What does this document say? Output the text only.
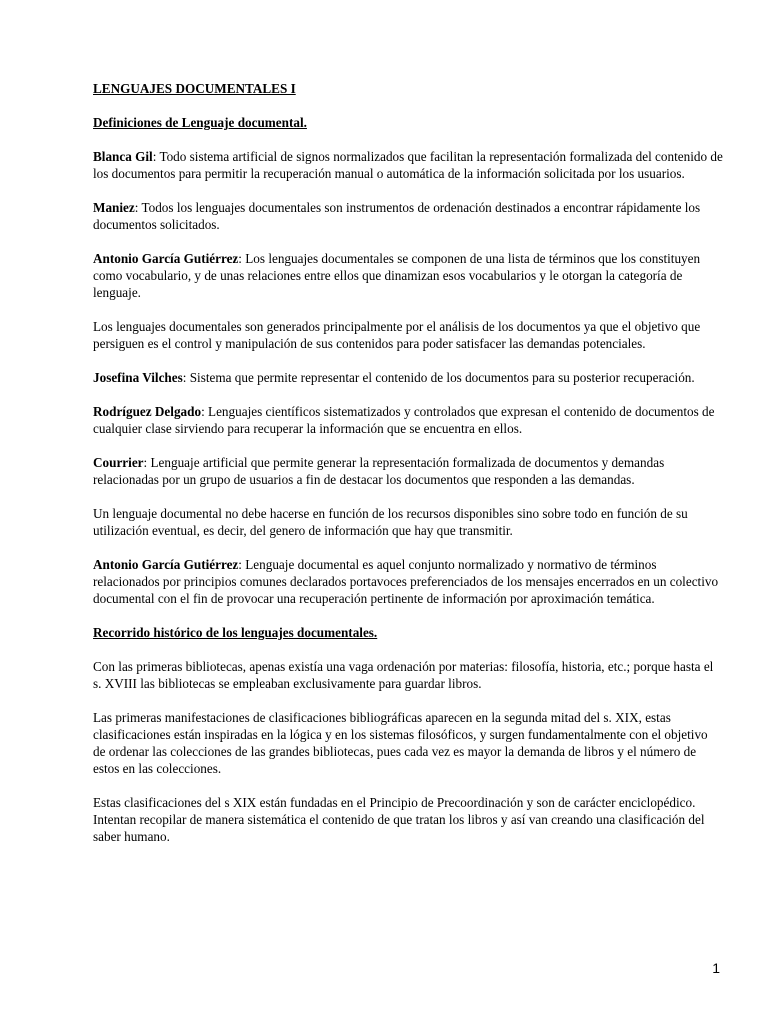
LENGUAJES DOCUMENTALES I
Definiciones de Lenguaje documental.
Blanca Gil: Todo sistema artificial de signos normalizados que facilitan la representación formalizada del contenido de los documentos para permitir la recuperación manual o automática de la información solicitada por los usuarios.
Maniez: Todos los lenguajes documentales son instrumentos de ordenación destinados a encontrar rápidamente los documentos solicitados.
Antonio García Gutiérrez: Los lenguajes documentales se componen de una lista de términos que los constituyen como vocabulario, y de unas relaciones entre ellos que dinamizan esos vocabularios y le otorgan la categoría de lenguaje.
Los lenguajes documentales son generados principalmente por el análisis de los documentos ya que el objetivo que persiguen es el control y manipulación de sus contenidos para poder satisfacer las demandas potenciales.
Josefina Vilches: Sistema que permite representar el contenido de los documentos para su posterior recuperación.
Rodríguez Delgado: Lenguajes científicos sistematizados y controlados que expresan el contenido de documentos de cualquier clase sirviendo para recuperar la información que se encuentra en ellos.
Courrier: Lenguaje artificial que permite generar la representación formalizada de documentos y demandas relacionadas por un grupo de usuarios a fin de destacar los documentos que responden a las demandas.
Un lenguaje documental no debe hacerse en función de los recursos disponibles sino sobre todo en función de su utilización eventual, es decir, del genero de información que hay que transmitir.
Antonio García Gutiérrez: Lenguaje documental es aquel conjunto normalizado y normativo de términos relacionados por principios comunes declarados portavoces preferenciados de los mensajes encerrados en un colectivo documental con el fin de provocar una recuperación pertinente de información por aproximación temática.
Recorrido histórico de los lenguajes documentales.
Con las primeras bibliotecas, apenas existía una vaga ordenación por materias: filosofía, historia, etc.; porque hasta el s. XVIII las bibliotecas se empleaban exclusivamente para guardar libros.
Las primeras manifestaciones de clasificaciones bibliográficas aparecen en la segunda mitad del s. XIX, estas clasificaciones están inspiradas en la lógica y en los sistemas filosóficos, y surgen fundamentalmente con el objetivo de ordenar las colecciones de las grandes bibliotecas, pues cada vez es mayor la demanda de libros y el número de estos en las colecciones.
Estas clasificaciones del s XIX están fundadas en el Principio de Precoordinación y son de carácter enciclopédico. Intentan recopilar de manera sistemática el contenido de que tratan los libros y así van creando una clasificación del saber humano.
1
